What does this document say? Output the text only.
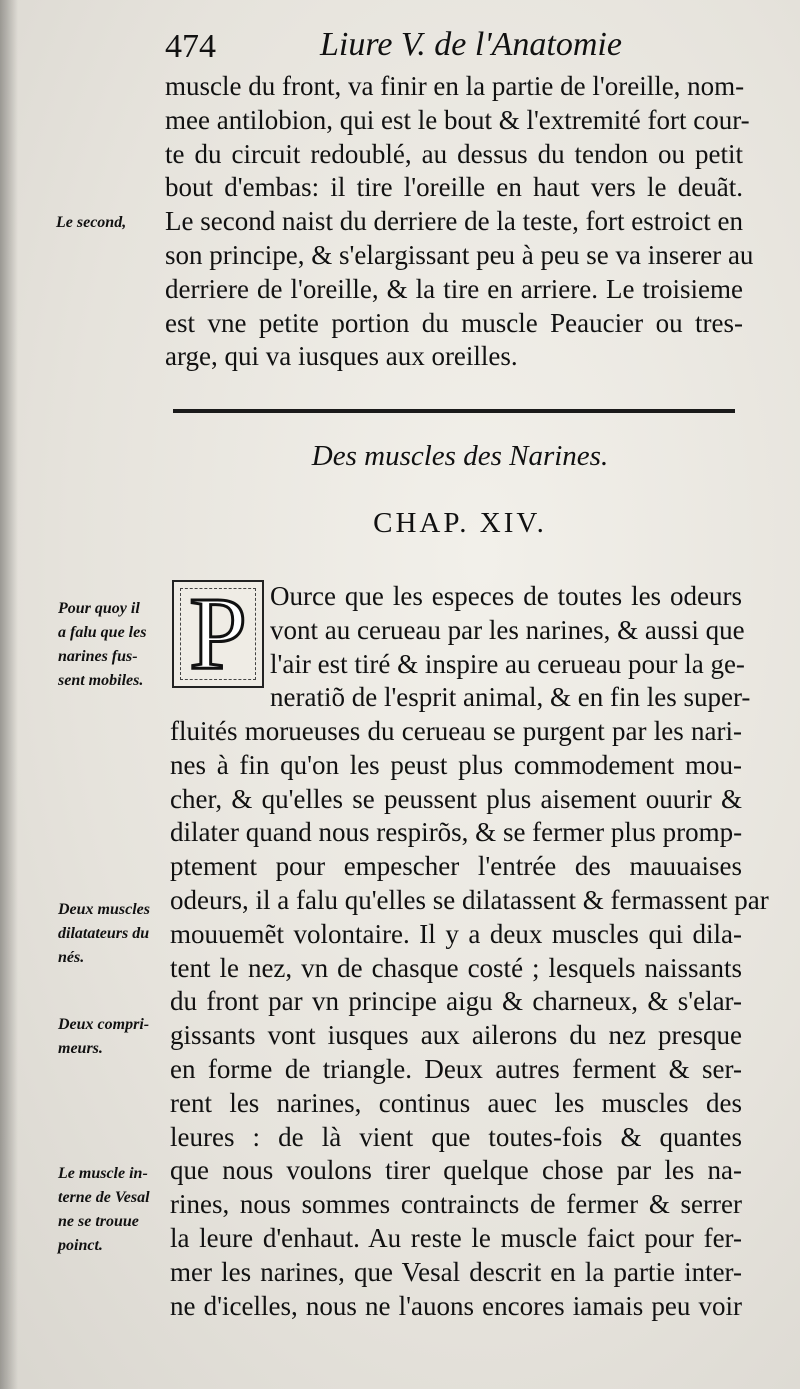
474	Liure V. de l'Anatomie
muscle du front, va finir en la partie de l'oreille, nom-
mee antilobion, qui est le bout & l'extremité fort cour-
te du circuit redoublé, au dessus du tendon ou petit
bout d'embas: il tire l'oreille en haut vers le deuãt.
Le second naist du derriere de la teste, fort estroict en
son principe, & s'elargissant peu à peu se va inserer au
derriere de l'oreille, & la tire en arriere. Le troisieme
est vne petite portion du muscle Peaucier ou tres-
arge, qui va iusques aux oreilles.
Le second,
Des muscles des Narines.
CHAP. XIV.
P Ource que les especes de toutes les odeurs
vont au cerueau par les narines, & aussi que
l'air est tiré & inspire au cerueau pour la ge-
neratiõ de l'esprit animal, & en fin les super-
fluités morueuses du cerueau se purgent par les nari-
nes à fin qu'on les peust plus commodement mou-
cher, & qu'elles se peussent plus aisement ouurir &
dilater quand nous respirõs, & se fermer plus promp-
ptement pour empescher l'entrée des mauuaises
odeurs, il a falu qu'elles se dilatassent & fermassent par
mouuemẽt volontaire. Il y a deux muscles qui dila-
tent le nez, vn de chasque costé ; lesquels naissants
du front par vn principe aigu & charneux, & s'elar-
gissants vont iusques aux ailerons du nez presque
en forme de triangle. Deux autres ferment & ser-
rent les narines, continus auec les muscles des
leures : de là vient que toutes-fois & quantes
que nous voulons tirer quelque chose par les na-
rines, nous sommes contraincts de fermer & serrer
la leure d'enhaut. Au reste le muscle faict pour fer-
mer les narines, que Vesal descrit en la partie inter-
ne d'icelles, nous ne l'auons encores iamais peu voir
Pour quoy il
a falu que les
narines fus-
sent mobiles.
Deux muscles
dilatateurs du
nés.
Deux compri-
meurs.
Le muscle in-
terne de Vesal
ne se trouue
poinct.
